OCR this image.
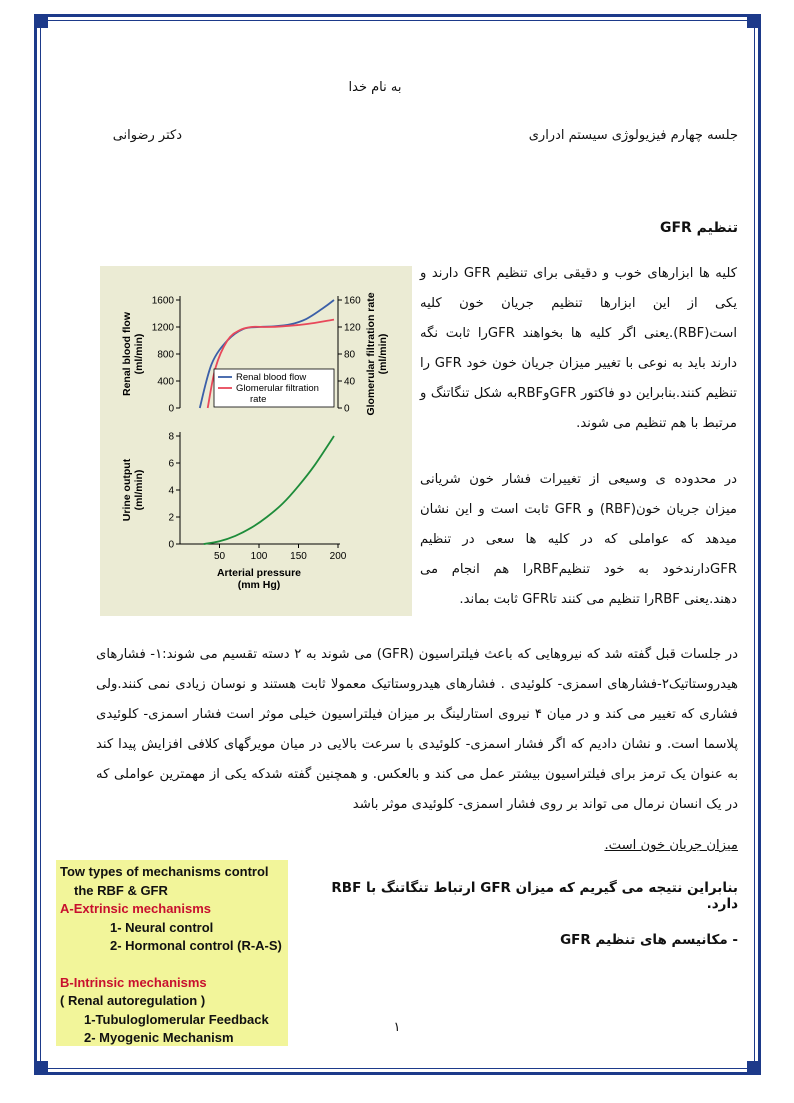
به نام خدا
جلسه چهارم فیزیولوژی سیستم ادراری
دکتر رضوانی
تنظیم GFR
0
400
800
1200
1600
0
40
80
120
160
Renal blood flow(ml/min)	Glomerular filtration rate(ml/min)
Renal blood flow
Glomerular filtration rate
0
2
4
6
8
50	100 150 200
Urine output(ml/min)
Arterial pressure
(mm Hg)
کلیه ها ابزارهای خوب و دقیقی برای تنظیم GFR دارند و یکی از این ابزارها تنظیم جریان خون کلیه است(RBF).یعنی اگر کلیه ها بخواهند GFRرا ثابت نگه دارند باید به نوعی با تغییر میزان جریان خون خود GFR را تنظیم کنند.بنابراین دو فاکتور GFRوRBFبه شکل تنگاتنگ و مرتبط با هم تنظیم می شوند.
در محدوده ی وسیعی از تغییرات فشار خون شریانی میزان جریان خون(RBF) و GFR ثابت است و این نشان میدهد که عواملی که در کلیه ها سعی در تنظیم GFRدارندخود به خود تنظیمRBFرا هم انجام می دهند.یعنی RBFرا تنظیم می کنند تاGFR ثابت بماند.
در جلسات قبل گفته شد که نیروهایی که باعث فیلتراسیون (GFR) می شوند به ۲ دسته تقسیم می شوند:۱- فشارهای هیدروستاتیک۲-فشارهای اسمزی- کلوئیدی . فشارهای هیدروستاتیک معمولا ثابت هستند و نوسان زیادی نمی کنند.ولی فشاری که تغییر می کند و در میان ۴ نیروی استارلینگ بر میزان فیلتراسیون خیلی موثر است فشار اسمزی- کلوئیدی پلاسما است. و نشان دادیم که اگر فشار اسمزی- کلوئیدی با سرعت بالایی در میان مویرگهای کلافی افزایش پیدا کند به عنوان یک ترمز برای فیلتراسیون بیشتر عمل می کند و بالعکس. و همچنین گفته شدکه یکی از مهمترین عواملی که در یک انسان نرمال می تواند بر روی فشار اسمزی- کلوئیدی موثر باشد
میزان جریان خون است.
بنابراین نتیجه می گیریم که میزان GFR ارتباط تنگاتنگ با RBF دارد.
- مکانیسم های تنظیم GFR
Tow types of mechanisms control
the RBF & GFR
A-Extrinsic mechanisms
1- Neural control
2- Hormonal control (R-A-S)
B-Intrinsic mechanisms
( Renal autoregulation )
1-Tubuloglomerular Feedback
2- Myogenic Mechanism
۱
